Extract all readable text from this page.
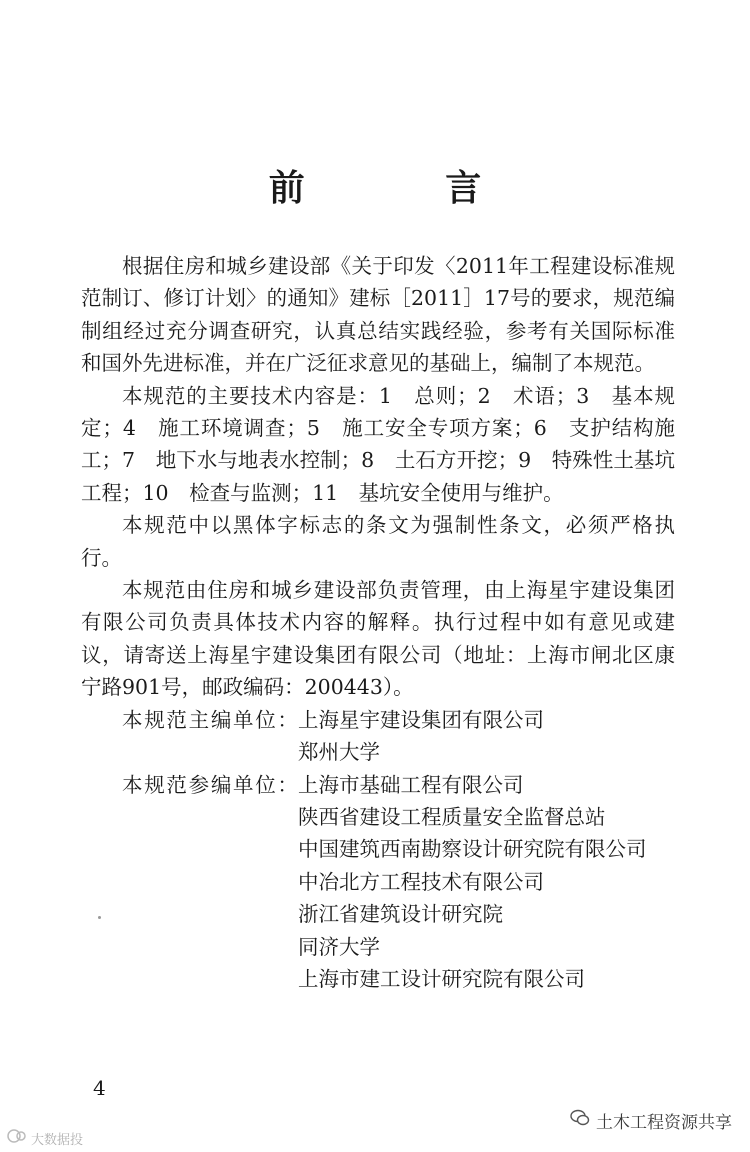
前 言

根据住房和城乡建设部《关于印发〈2011年工程建设标准规范制订、修订计划〉的通知》建标［2011］17号的要求，规范编制组经过充分调查研究，认真总结实践经验，参考有关国际标准和国外先进标准，并在广泛征求意见的基础上，编制了本规范。

本规范的主要技术内容是：1　总则；2　术语；3　基本规定；4　施工环境调查；5　施工安全专项方案；6　支护结构施工；7　地下水与地表水控制；8　土石方开挖；9　特殊性土基坑工程；10　检查与监测；11　基坑安全使用与维护。

本规范中以黑体字标志的条文为强制性条文，必须严格执行。

本规范由住房和城乡建设部负责管理，由上海星宇建设集团有限公司负责具体技术内容的解释。执行过程中如有意见或建议，请寄送上海星宇建设集团有限公司（地址：上海市闸北区康宁路901号，邮政编码：200443）。

本 规 范 主 编 单 位 ： 上海星宇建设集团有限公司
郑州大学
本 规 范 参 编 单 位 ： 上海市基础工程有限公司
陕西省建设工程质量安全监督总站
中国建筑西南勘察设计研究院有限公司
中冶北方工程技术有限公司
浙江省建筑设计研究院
同济大学
上海市建工设计研究院有限公司
4
土木工程资源共享
大数据投
